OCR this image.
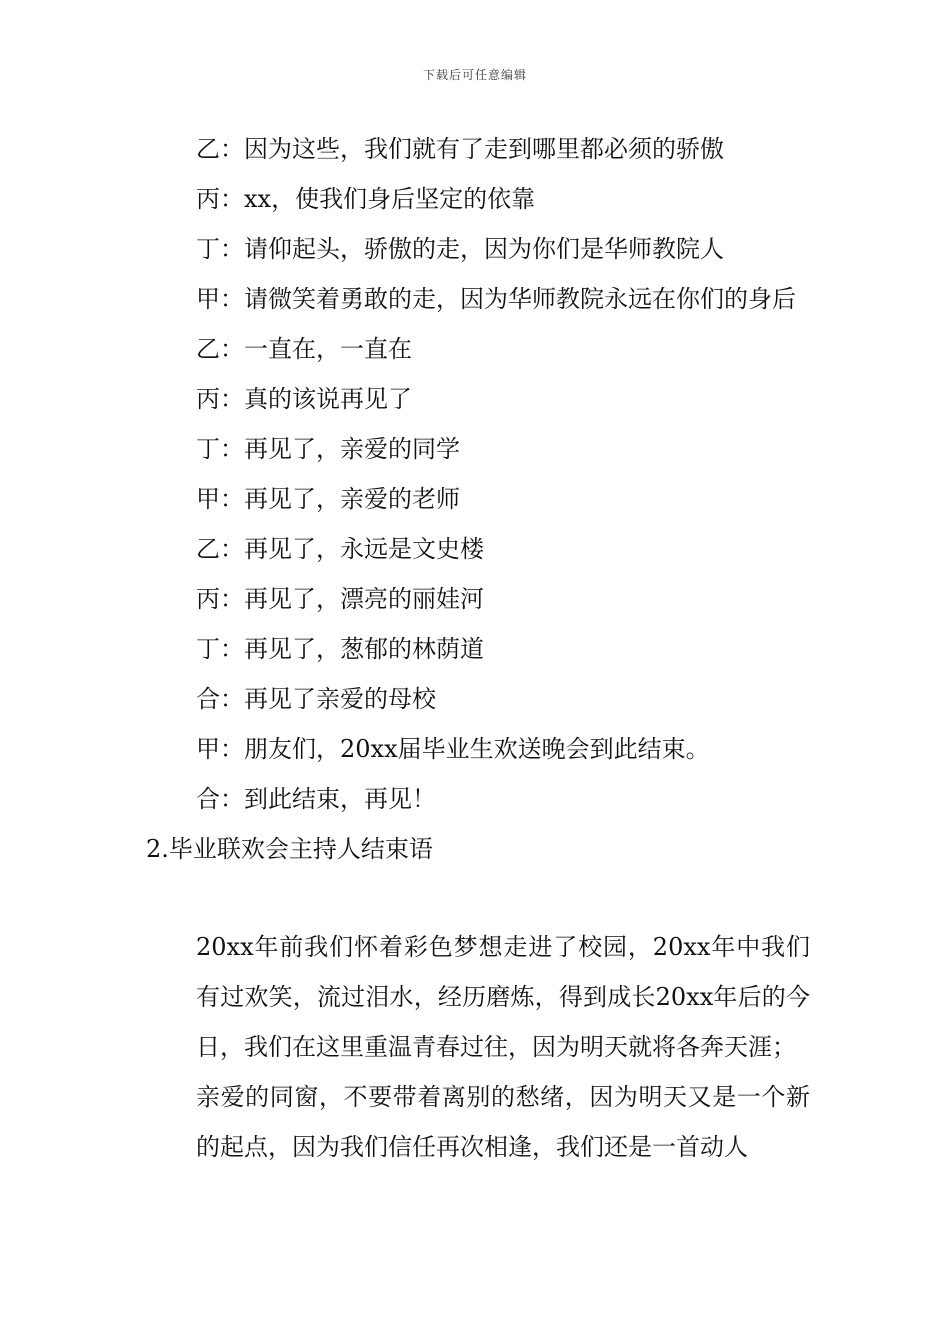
下载后可任意编辑

乙：因为这些，我们就有了走到哪里都必须的骄傲

丙：xx，使我们身后坚定的依靠

丁：请仰起头，骄傲的走，因为你们是华师教院人

甲：请微笑着勇敢的走，因为华师教院永远在你们的身后

乙：一直在，一直在

丙：真的该说再见了

丁：再见了，亲爱的同学

甲：再见了，亲爱的老师

乙：再见了，永远是文史楼

丙：再见了，漂亮的丽娃河

丁：再见了，葱郁的林荫道

合：再见了亲爱的母校

甲：朋友们，20xx届毕业生欢送晚会到此结束。

合：到此结束，再见！

2.毕业联欢会主持人结束语

20xx年前我们怀着彩色梦想走进了校园，20xx年中我们有过欢笑，流过泪水，经历磨炼，得到成长20xx年后的今日，我们在这里重温青春过往，因为明天就将各奔天涯；

亲爱的同窗，不要带着离别的愁绪，因为明天又是一个新的起点，因为我们信任再次相逢，我们还是一首动人
